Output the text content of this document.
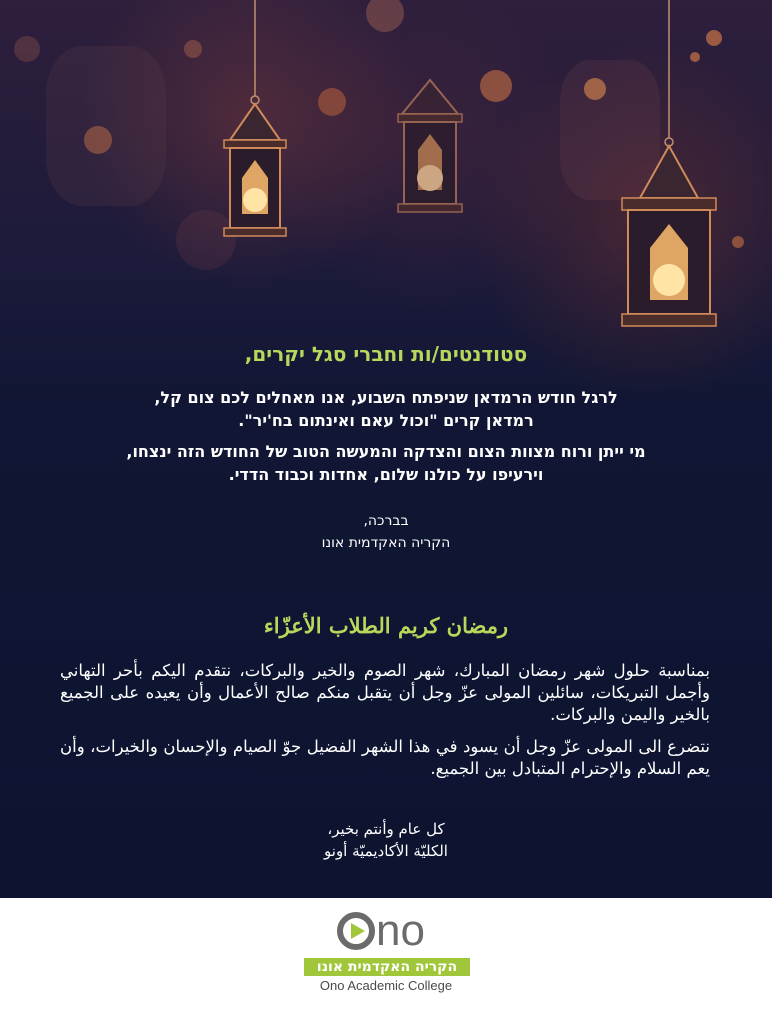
סטודנטים/ות וחברי סגל יקרים,

לרגל חודש הרמדאן שניפתח השבוע, אנו מאחלים לכם צום קל,
רמדאן קרים "וכול עאם ואינתום בח'יר".

מי ייתן ורוח מצוות הצום והצדקה והמעשה הטוב של החודש הזה ינצחו,
וירעיפו על כולנו שלום, אחדות וכבוד הדדי.

בברכה,
הקריה האקדמית אונו
رمضان كريم الطلاب الأعزّاء

بمناسبة حلول شهر رمضان المبارك، شهر الصوم والخير والبركات، نتقدم اليكم بأحر التهاني وأجمل التبريكات، سائلين المولى عزّ وجل أن يتقبل منكم صالح الأعمال وأن يعيده على الجميع بالخير واليمن والبركات.

نتضرع الى المولى عزّ وجل أن يسود في هذا الشهر الفضيل جوّ الصيام والإحسان والخيرات، وأن يعم السلام والإحترام المتبادل بين الجميع.

كل عام وأنتم بخير،
الكليّة الأكاديميّة أونو
no
הקריה האקדמית אונו
Ono Academic College
